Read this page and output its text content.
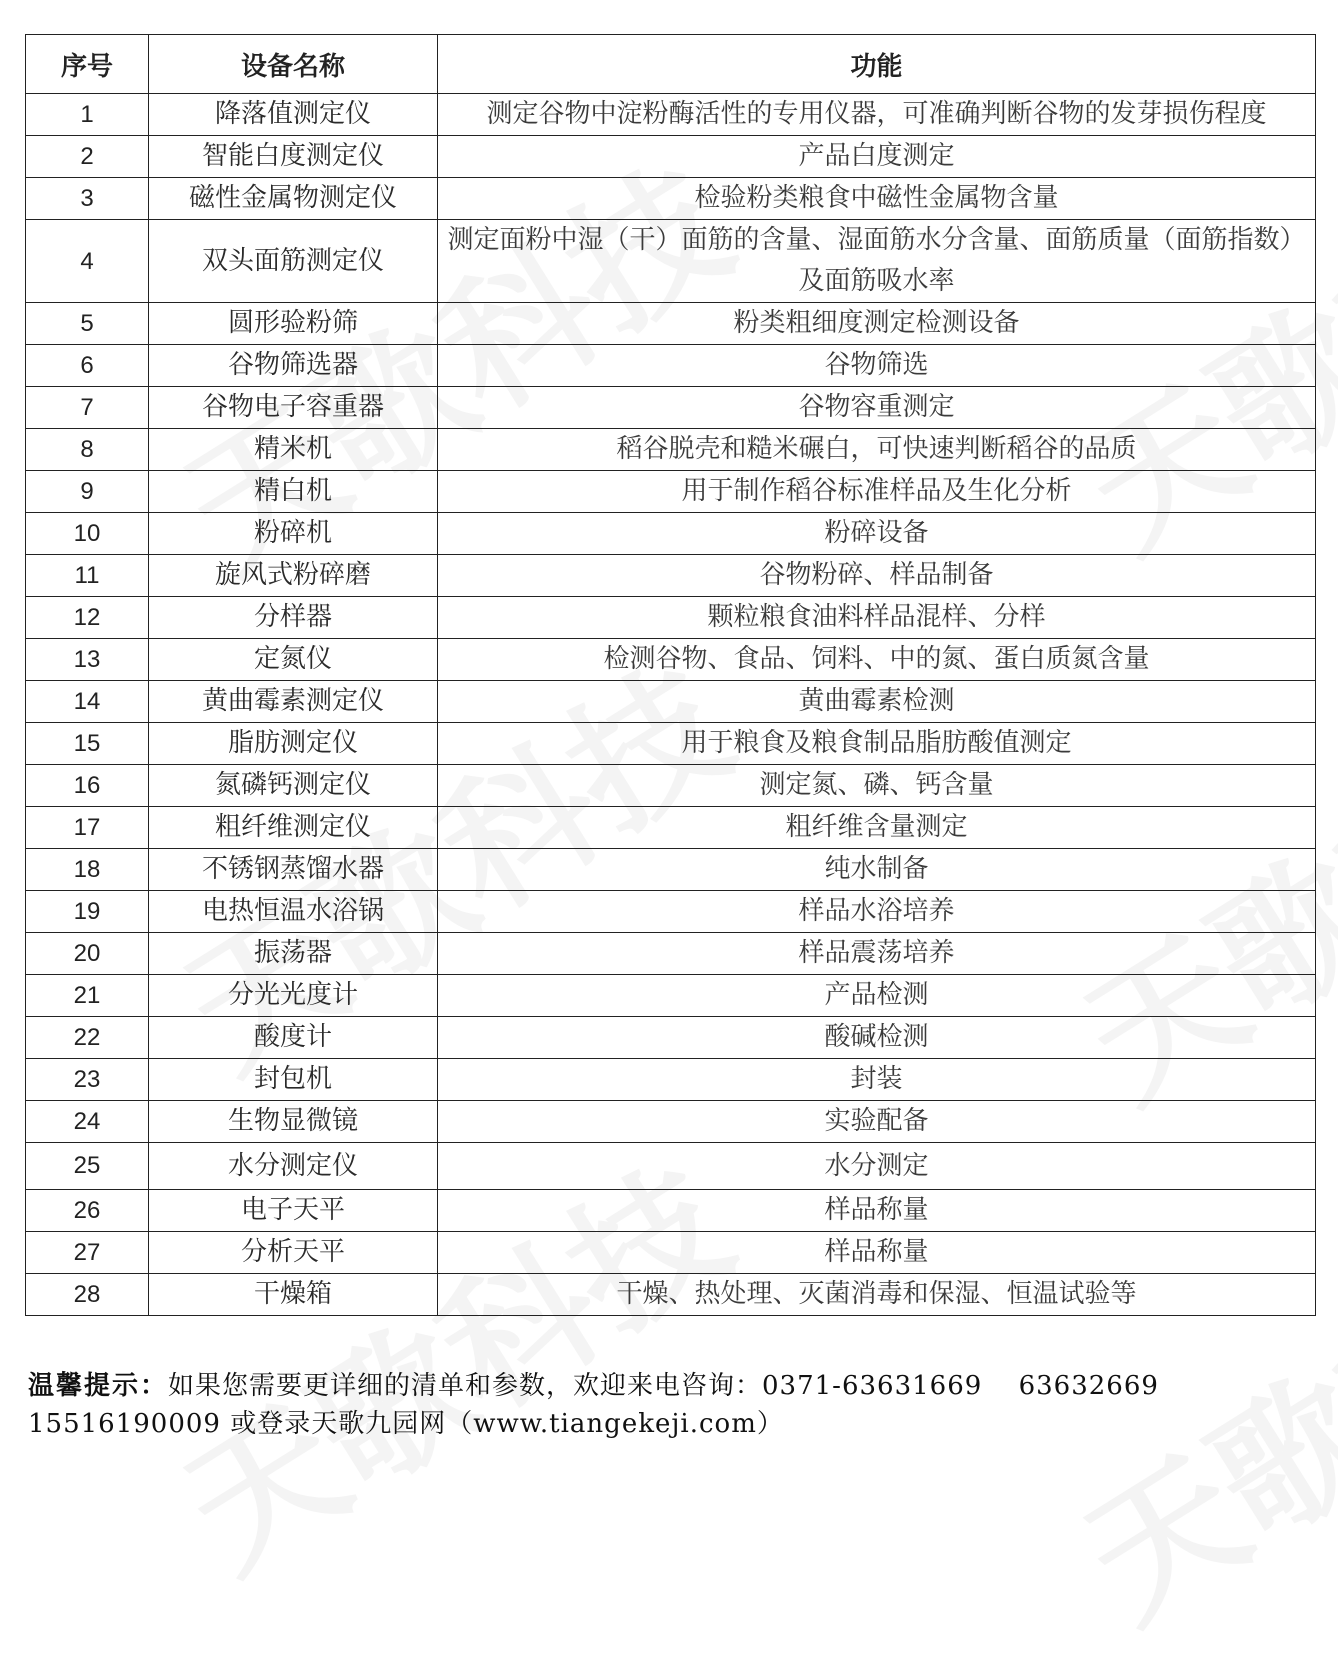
序号	设备名称	功能
1	降落值测定仪	测定谷物中淀粉酶活性的专用仪器，可准确判断谷物的发芽损伤程度
2	智能白度测定仪	产品白度测定
3	磁性金属物测定仪	检验粉类粮食中磁性金属物含量
4	双头面筋测定仪	测定面粉中湿（干）面筋的含量、湿面筋水分含量、面筋质量（面筋指数）及面筋吸水率
5	圆形验粉筛	粉类粗细度测定检测设备
6	谷物筛选器	谷物筛选
7	谷物电子容重器	谷物容重测定
8	精米机	稻谷脱壳和糙米碾白，可快速判断稻谷的品质
9	精白机	用于制作稻谷标准样品及生化分析
10	粉碎机	粉碎设备
11	旋风式粉碎磨	谷物粉碎、样品制备
12	分样器	颗粒粮食油料样品混样、分样
13	定氮仪	检测谷物、食品、饲料、中的氮、蛋白质氮含量
14	黄曲霉素测定仪	黄曲霉素检测
15	脂肪测定仪	用于粮食及粮食制品脂肪酸值测定
16	氮磷钙测定仪	测定氮、磷、钙含量
17	粗纤维测定仪	粗纤维含量测定
18	不锈钢蒸馏水器	纯水制备
19	电热恒温水浴锅	样品水浴培养
20	振荡器	样品震荡培养
21	分光光度计	产品检测
22	酸度计	酸碱检测
23	封包机	封装
24	生物显微镜	实验配备
25	水分测定仪	水分测定
26	电子天平	样品称量
27	分析天平	样品称量
28	干燥箱	干燥、热处理、灭菌消毒和保湿、恒温试验等
温馨提示：如果您需要更详细的清单和参数，欢迎来电咨询：0371-63631669　 63632669
15516190009 或登录天歌九园网（www.tiangekeji.com）
